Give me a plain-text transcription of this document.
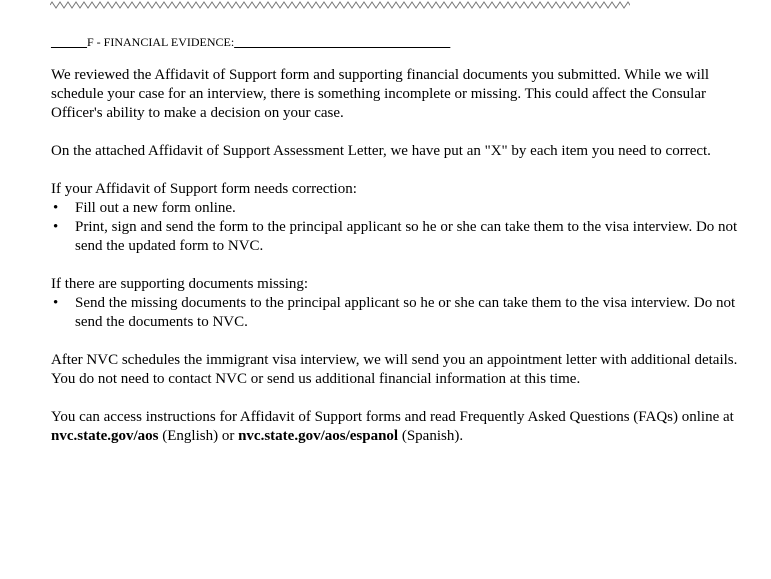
______F - FINANCIAL EVIDENCE:____________________________________

We reviewed the Affidavit of Support form and supporting financial documents you submitted. While we will schedule your case for an interview, there is something incomplete or missing. This could affect the Consular Officer's ability to make a decision on your case.

On the attached Affidavit of Support Assessment Letter, we have put an "X" by each item you need to correct.

If your Affidavit of Support form needs correction:

• Fill out a new form online.
• Print, sign and send the form to the principal applicant so he or she can take them to the visa interview. Do not send the updated form to NVC.

If there are supporting documents missing:

• Send the missing documents to the principal applicant so he or she can take them to the visa interview. Do not send the documents to NVC.

After NVC schedules the immigrant visa interview, we will send you an appointment letter with additional details. You do not need to contact NVC or send us additional financial information at this time.

You can access instructions for Affidavit of Support forms and read Frequently Asked Questions (FAQs) online at nvc.state.gov/aos (English) or nvc.state.gov/aos/espanol (Spanish).
